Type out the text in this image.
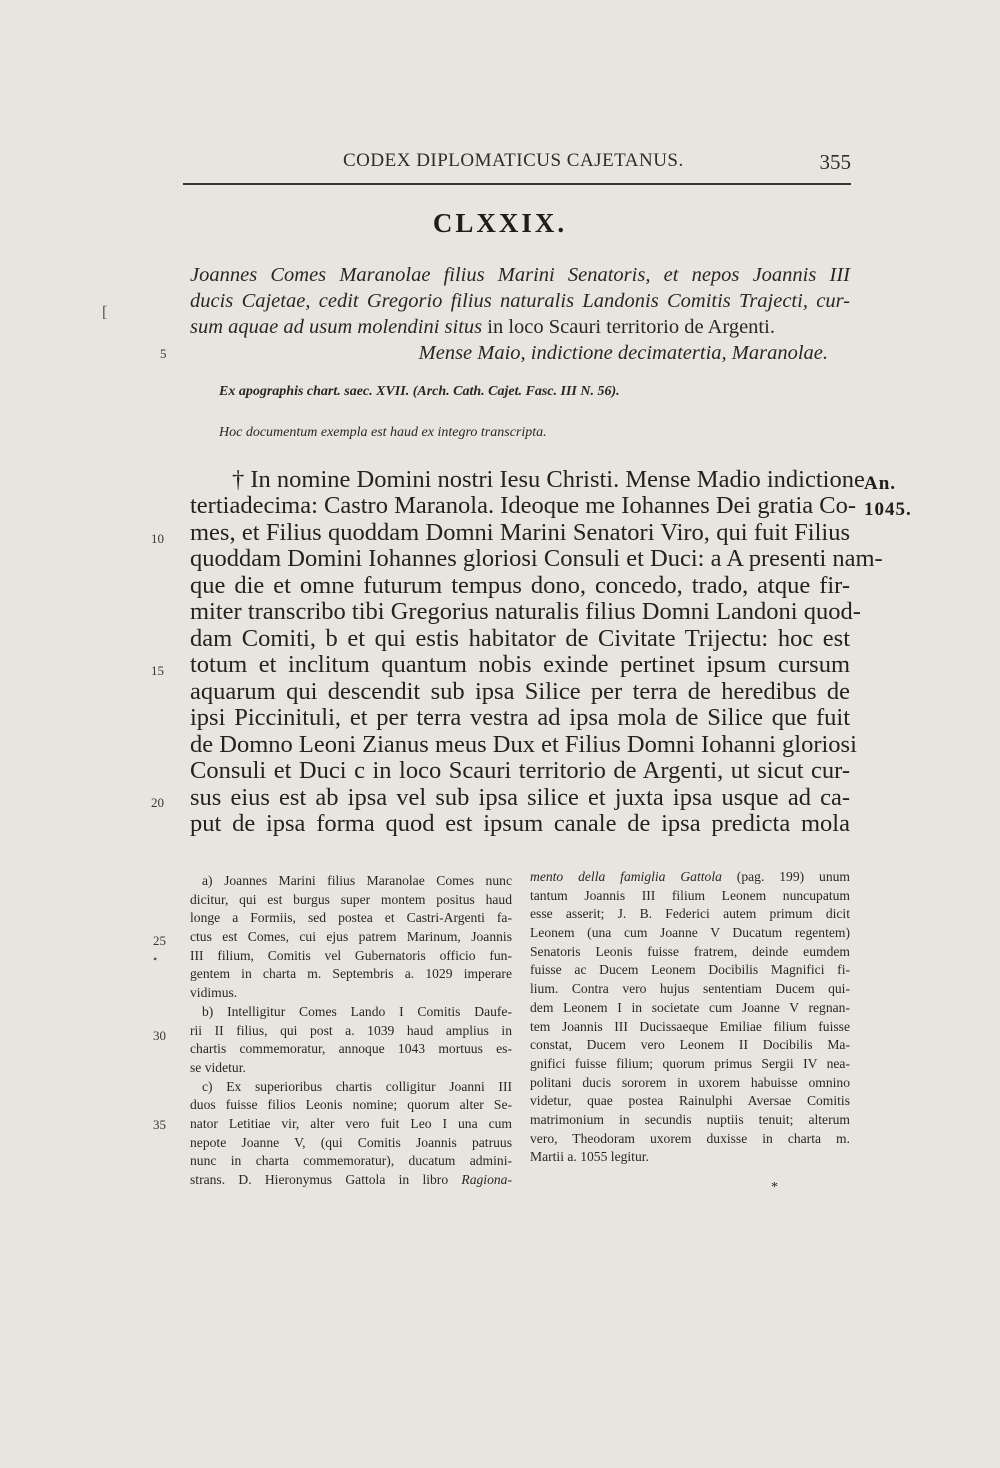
CODEX DIPLOMATICUS CAJETANUS.	355
CLXXIX.
Joannes Comes Maranolae filius Marini Senatoris, et nepos Joannis III
ducis Cajetae, cedit Gregorio filius naturalis Landonis Comitis Trajecti, cur-
sum aquae ad usum molendini situs in loco Scauri territorio de Argenti.
Mense Maio, indictione decimatertia, Maranolae.
Ex apographis chart. saec. XVII. (Arch. Cath. Cajet. Fasc. III N. 56).
Hoc documentum exempla est haud ex integro transcripta.
5
10
15
20
25
30
35
† In nomine Domini nostri Iesu Christi. Mense Madio indictione
tertiadecima: Castro Maranola. Ideoque me Iohannes Dei gratia Co-
mes, et Filius quoddam Domni Marini Senatori Viro, qui fuit Filius
quoddam Domini Iohannes gloriosi Consuli et Duci: a A presenti nam-
que die et omne futurum tempus dono, concedo, trado, atque fir-
miter transcribo tibi Gregorius naturalis filius Domni Landoni quod-
dam Comiti, b et qui estis habitator de Civitate Trijectu: hoc est
totum et inclitum quantum nobis exinde pertinet ipsum cursum
aquarum qui descendit sub ipsa Silice per terra de heredibus de
ipsi Piccinituli, et per terra vestra ad ipsa mola de Silice que fuit
de Domno Leoni Zianus meus Dux et Filius Domni Iohanni gloriosi
Consuli et Duci c in loco Scauri territorio de Argenti, ut sicut cur-
sus eius est ab ipsa vel sub ipsa silice et juxta ipsa usque ad ca-
put de ipsa forma quod est ipsum canale de ipsa predicta mola
An.
1045.
a) Joannes Marini filius Maranolae Comes nunc
dicitur, qui est burgus super montem positus haud
longe a Formiis, sed postea et Castri-Argenti fa-
ctus est Comes, cui ejus patrem Marinum, Joannis
III filium, Comitis vel Gubernatoris officio fun-
gentem in charta m. Septembris a. 1029 imperare
vidimus.
b) Intelligitur Comes Lando I Comitis Daufe-
rii II filius, qui post a. 1039 haud amplius in
chartis commemoratur, annoque 1043 mortuus es-
se videtur.
c) Ex superioribus chartis colligitur Joanni III
duos fuisse filios Leonis nomine; quorum alter Se-
nator Letitiae vir, alter vero fuit Leo I una cum
nepote Joanne V, (qui Comitis Joannis patruus
nunc in charta commemoratur), ducatum admini-
strans. D. Hieronymus Gattola in libro Ragiona-
mento della famiglia Gattola (pag. 199) unum
tantum Joannis III filium Leonem nuncupatum
esse asserit; J. B. Federici autem primum dicit
Leonem (una cum Joanne V Ducatum regentem)
Senatoris Leonis fuisse fratrem, deinde eumdem
fuisse ac Ducem Leonem Docibilis Magnifici fi-
lium. Contra vero hujus sententiam Ducem qui-
dem Leonem I in societate cum Joanne V regnan-
tem Joannis III Ducissaeque Emiliae filium fuisse
constat, Ducem vero Leonem II Docibilis Ma-
gnifici fuisse filium; quorum primus Sergii IV nea-
politani ducis sororem in uxorem habuisse omnino
videtur, quae postea Rainulphi Aversae Comitis
matrimonium in secundis nuptiis tenuit; alterum
vero, Theodoram uxorem duxisse in charta m.
Martii a. 1055 legitur.
*
[
•
